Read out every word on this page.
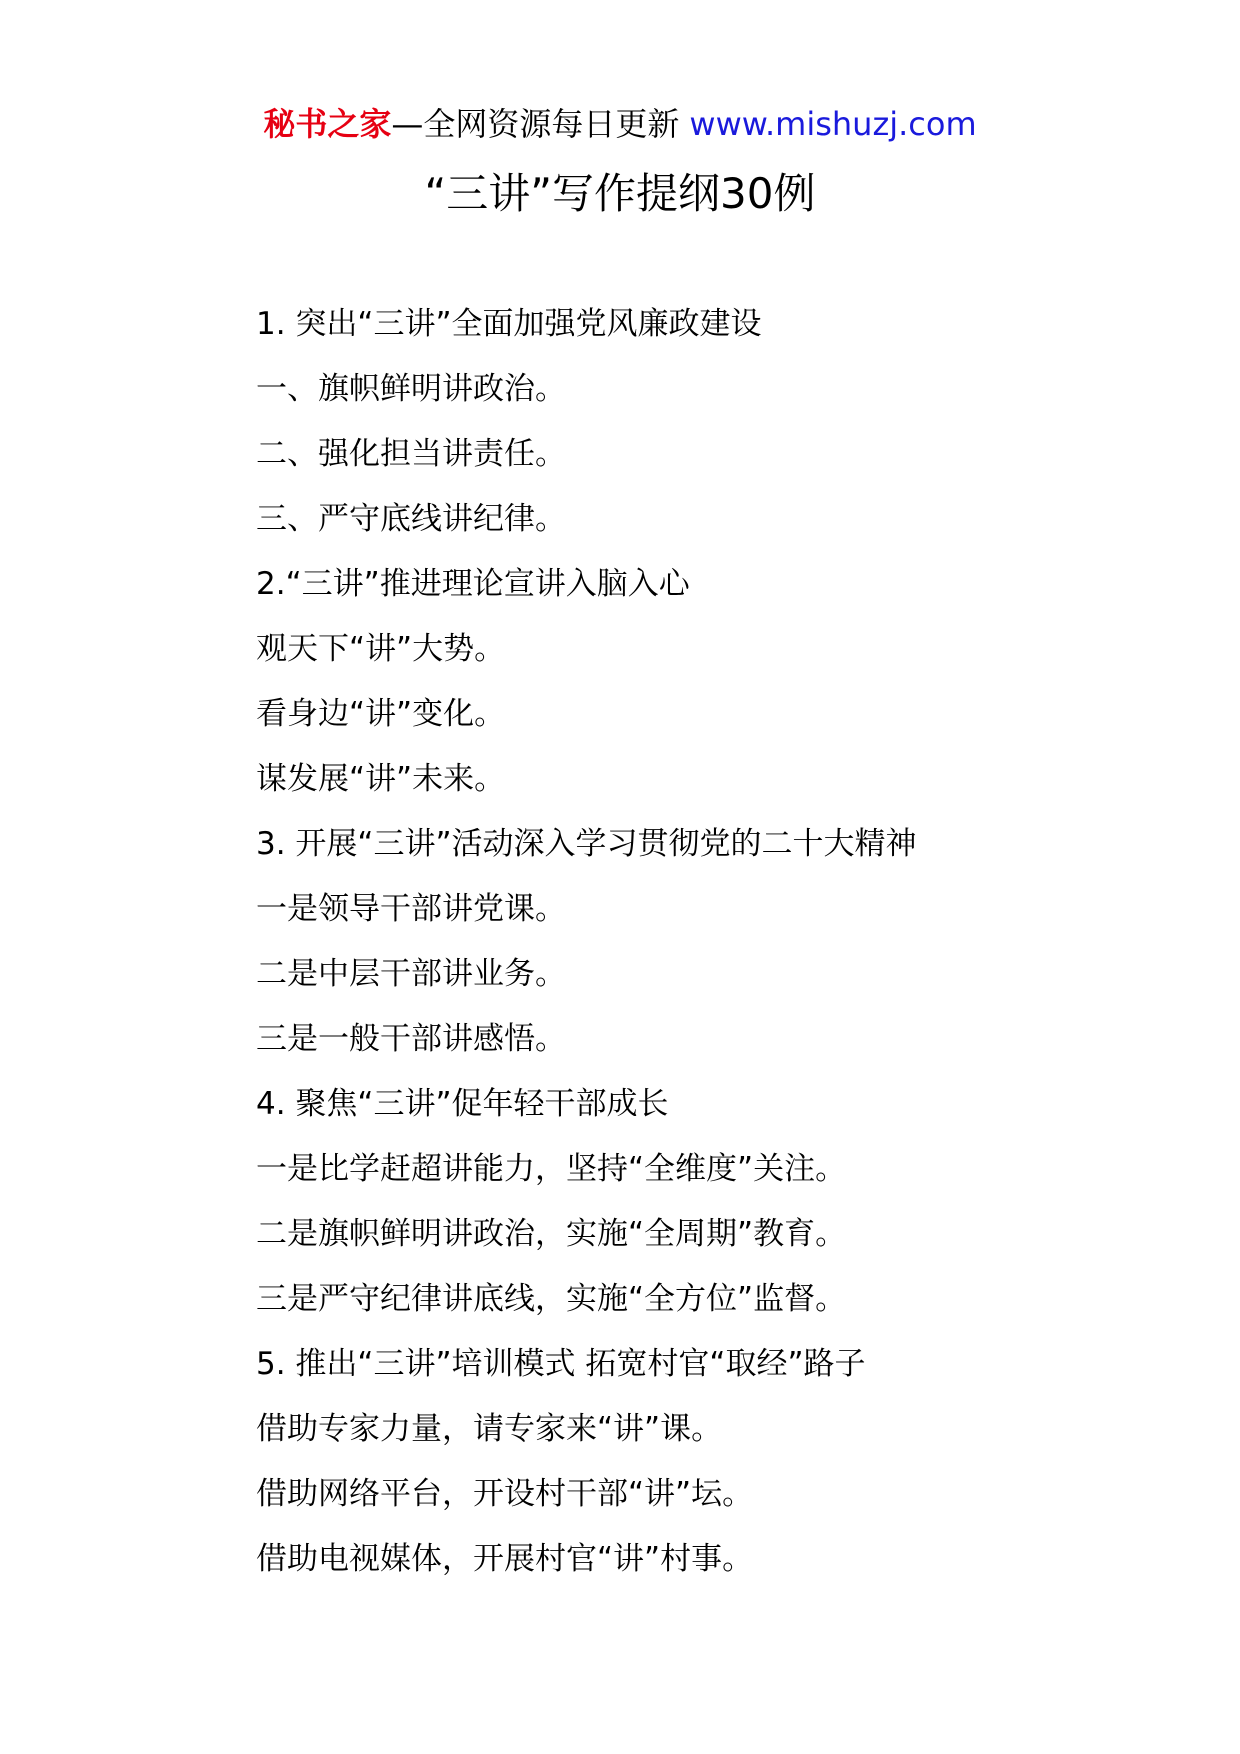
秘书之家—全网资源每日更新 www.mishuzj.com
“三讲”写作提纲30例
1. 突出“三讲”全面加强党风廉政建设
一、旗帜鲜明讲政治。
二、强化担当讲责任。
三、严守底线讲纪律。
2.“三讲”推进理论宣讲入脑入心
观天下“讲”大势。
看身边“讲”变化。
谋发展“讲”未来。
3. 开展“三讲”活动深入学习贯彻党的二十大精神
一是领导干部讲党课。
二是中层干部讲业务。
三是一般干部讲感悟。
4. 聚焦“三讲”促年轻干部成长
一是比学赶超讲能力，坚持“全维度”关注。
二是旗帜鲜明讲政治，实施“全周期”教育。
三是严守纪律讲底线，实施“全方位”监督。
5. 推出“三讲”培训模式 拓宽村官“取经”路子
借助专家力量，请专家来“讲”课。
借助网络平台，开设村干部“讲”坛。
借助电视媒体，开展村官“讲”村事。
